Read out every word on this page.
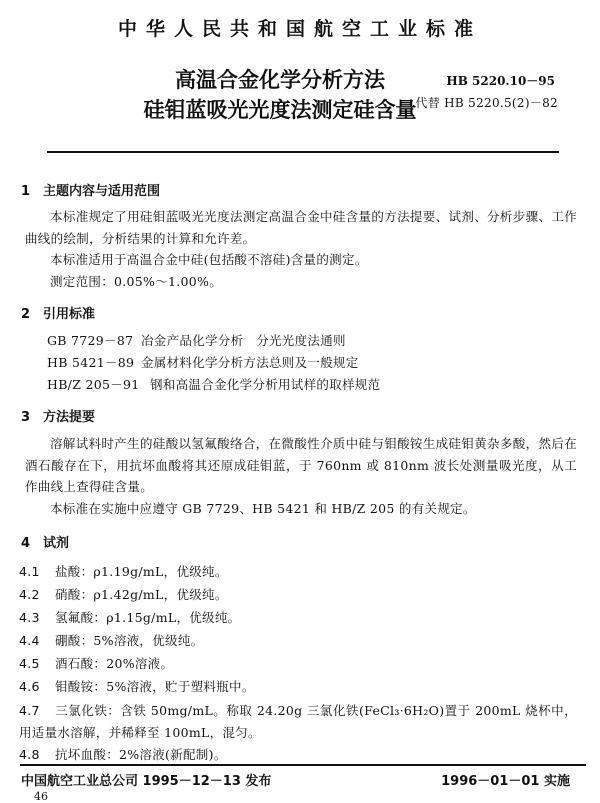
中华人民共和国航空工业标准
高温合金化学分析方法
硅钼蓝吸光光度法测定硅含量
HB 5220.10－95
代替 HB 5220.5(2)－82
1 主题内容与适用范围

本标准规定了用硅钼蓝吸光光度法测定高温合金中硅含量的方法提要、试剂、分析步骤、工作曲线的绘制，分析结果的计算和允许差。

本标准适用于高温合金中硅(包括酸不溶硅)含量的测定。

测定范围：0.05%～1.00%。

2 引用标准
GB 7729－87 冶金产品化学分析　分光光度法通则
HB 5421－89 金属材料化学分析方法总则及一般规定
HB/Z 205－91 钢和高温合金化学分析用试样的取样规范
3 方法提要

溶解试料时产生的硅酸以氢氟酸络合，在微酸性介质中硅与钼酸铵生成硅钼黄杂多酸，然后在酒石酸存在下，用抗坏血酸将其还原成硅钼蓝，于 760nm 或 810nm 波长处测量吸光度，从工作曲线上查得硅含量。

本标准在实施中应遵守 GB 7729、HB 5421 和 HB/Z 205 的有关规定。

4 试剂
4.1 盐酸：ρ1.19g/mL，优级纯。
4.2 硝酸：ρ1.42g/mL，优级纯。
4.3 氢氟酸：ρ1.15g/mL，优级纯。
4.4 硼酸：5%溶液，优级纯。
4.5 酒石酸：20%溶液。
4.6 钼酸铵：5%溶液，贮于塑料瓶中。
4.7 三氯化铁：含铁 50mg/mL。称取 24.20g 三氯化铁(FeCl₃·6H₂O)置于 200mL 烧杯中，用适量水溶解，并稀释至 100mL，混匀。
4.8 抗坏血酸：2%溶液(新配制)。
中国航空工业总公司 1995－12－13 发布	1996－01－01 实施
46
